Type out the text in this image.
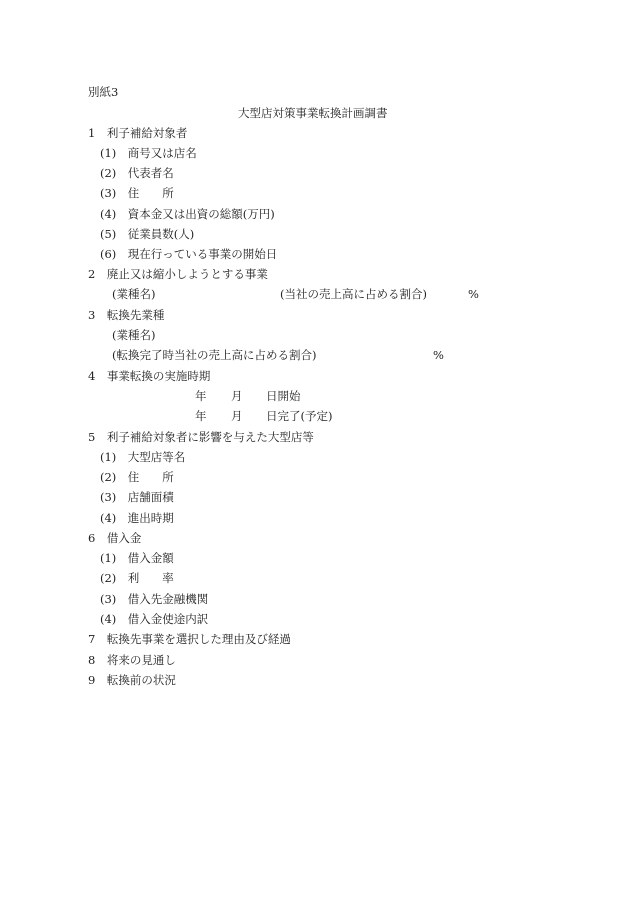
別紙3
大型店対策事業転換計画調書
1　利子補給対象者
(1)　商号又は店名
(2)　代表者名
(3)　住　　所
(4)　資本金又は出資の総額(万円)
(5)　従業員数(人)
(6)　現在行っている事業の開始日
2　廃止又は縮小しようとする事業
(業種名)	(当社の売上高に占める割合)	%
3　転換先業種
(業種名)
(転換完了時当社の売上高に占める割合)	%
4　事業転換の実施時期
年 月 日開始
年 月 日完了(予定)
5　利子補給対象者に影響を与えた大型店等
(1)　大型店等名
(2)　住　　所
(3)　店舗面積
(4)　進出時期
6　借入金
(1)　借入金額
(2)　利　　率
(3)　借入先金融機関
(4)　借入金使途内訳
7　転換先事業を選択した理由及び経過
8　将来の見通し
9　転換前の状況
